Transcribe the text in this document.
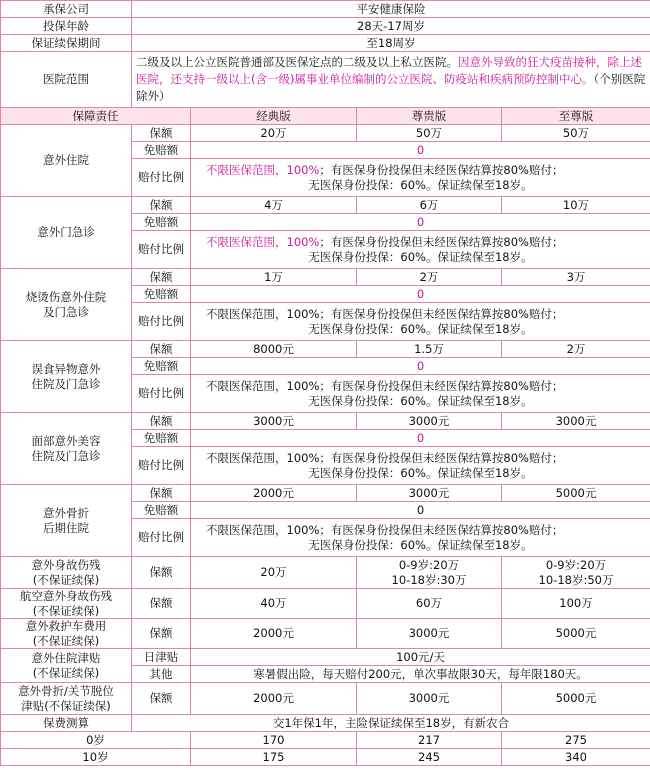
承保公司	平安健康保险			
投保年龄	28天-17周岁			
保证续保期间	至18周岁			
医院范围	二级及以上公立医院普通部及医保定点的二级及以上私立医院。因意外导致的狂犬疫苗接种，除上述医院，还支持一级以上(含一级)属事业单位编制的公立医院、防疫站和疾病预防控制中心。（个别医院除外）			
保障责任		经典版	尊贵版	至尊版
意外住院	保额	20万	50万	50万
	免赔额	0		
	赔付比例	不限医保范围，100%；有医保身份投保但未经医保结算按80%赔付；
无医保身份投保：60%。保证续保至18岁。		

意外门急诊	保额	4万	6万	10万
	免赔额	0		
	赔付比例	不限医保范围，100%；有医保身份投保但未经医保结算按80%赔付；
无医保身份投保：60%。保证续保至18岁。		

烧烫伤意外住院
及门急诊	保额	1万	2万	3万
	免赔额	0		
	赔付比例	不限医保范围，100%；有医保身份投保但未经医保结算按80%赔付；
无医保身份投保：60%。保证续保至18岁。		

误食异物意外
住院及门急诊	保额	8000元	1.5万	2万
	免赔额	0		
	赔付比例	不限医保范围，100%；有医保身份投保但未经医保结算按80%赔付；
无医保身份投保：60%。保证续保至18岁。		

面部意外美容
住院及门急诊	保额	3000元	3000元	3000元
	免赔额	0		
	赔付比例	不限医保范围，100%；有医保身份投保但未经医保结算按80%赔付；
无医保身份投保：60%。保证续保至18岁。		

意外骨折
后期住院	保额	2000元	3000元	5000元
	免赔额	0		
	赔付比例	不限医保范围，100%；有医保身份投保但未经医保结算按80%赔付；
无医保身份投保：60%。保证续保至18岁。		

意外身故伤残
(不保证续保)	保额	20万	0-9岁:20万
10-18岁:30万	0-9岁:20万
10-18岁:50万

航空意外身故伤残
(不保证续保)	保额	40万	60万	100万

意外救护车费用
(不保证续保)	保额	2000元	3000元	5000元

意外住院津贴
(不保证续保)	日津贴	100元/天		
	其他	寒暑假出险，每天赔付200元，单次事故限30天，每年限180天。		

意外骨折/关节脱位
津贴(不保证续保)	保额	2000元	3000元	5000元
保费测算	交1年保1年，主险保证续保至18岁，有新农合			
0岁		170	217	275
10岁		175	245	340
